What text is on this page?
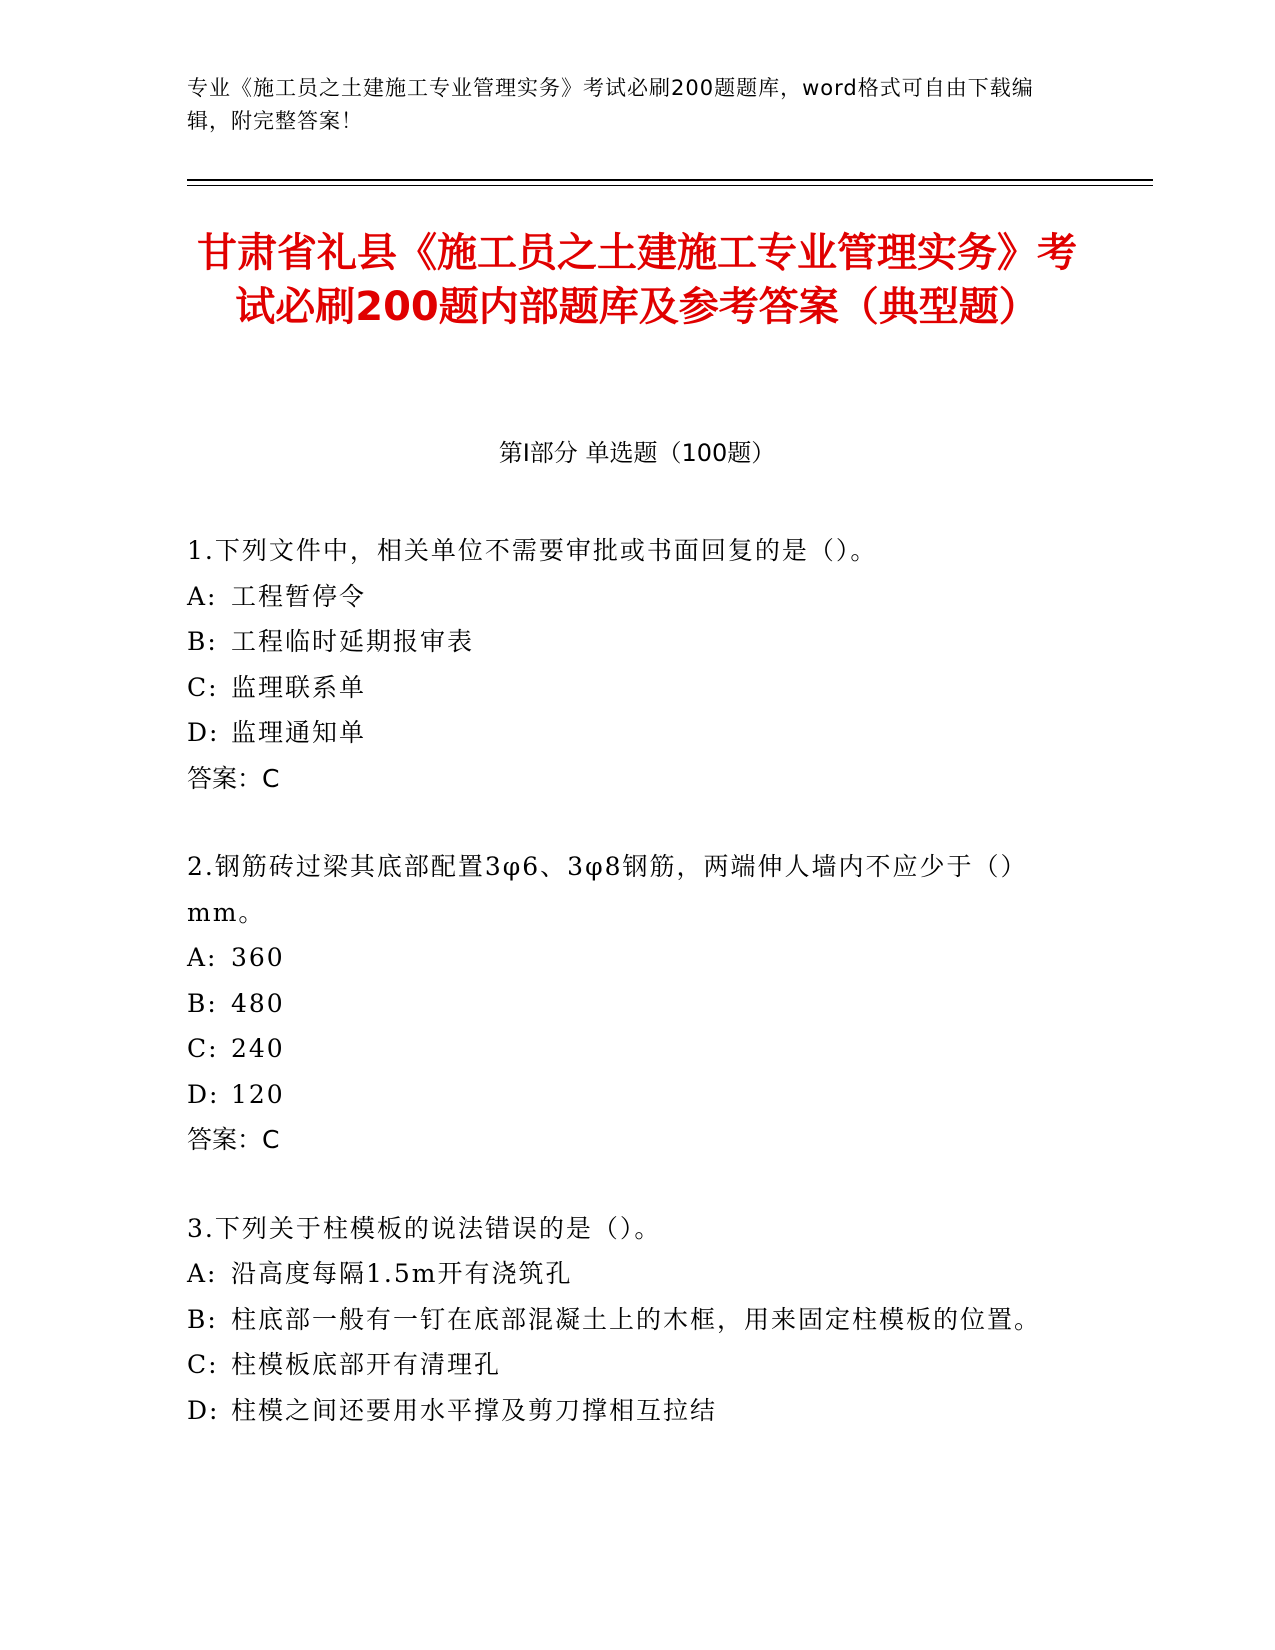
专业《施工员之土建施工专业管理实务》考试必刷200题题库，word格式可自由下载编辑，附完整答案！
甘肃省礼县《施工员之土建施工专业管理实务》考试必刷200题内部题库及参考答案（典型题）
第Ⅰ部分 单选题（100题）

1.下列文件中，相关单位不需要审批或书面回复的是（）。

A: 工程暂停令

B: 工程临时延期报审表

C: 监理联系单

D: 监理通知单

答案：C

2.钢筋砖过梁其底部配置3φ6、3φ8钢筋，两端伸人墙内不应少于（）mm。

A: 360

B: 480

C: 240

D: 120

答案：C

3.下列关于柱模板的说法错误的是（）。

A: 沿高度每隔1.5m开有浇筑孔

B: 柱底部一般有一钉在底部混凝土上的木框，用来固定柱模板的位置。

C: 柱模板底部开有清理孔

D: 柱模之间还要用水平撑及剪刀撑相互拉结
